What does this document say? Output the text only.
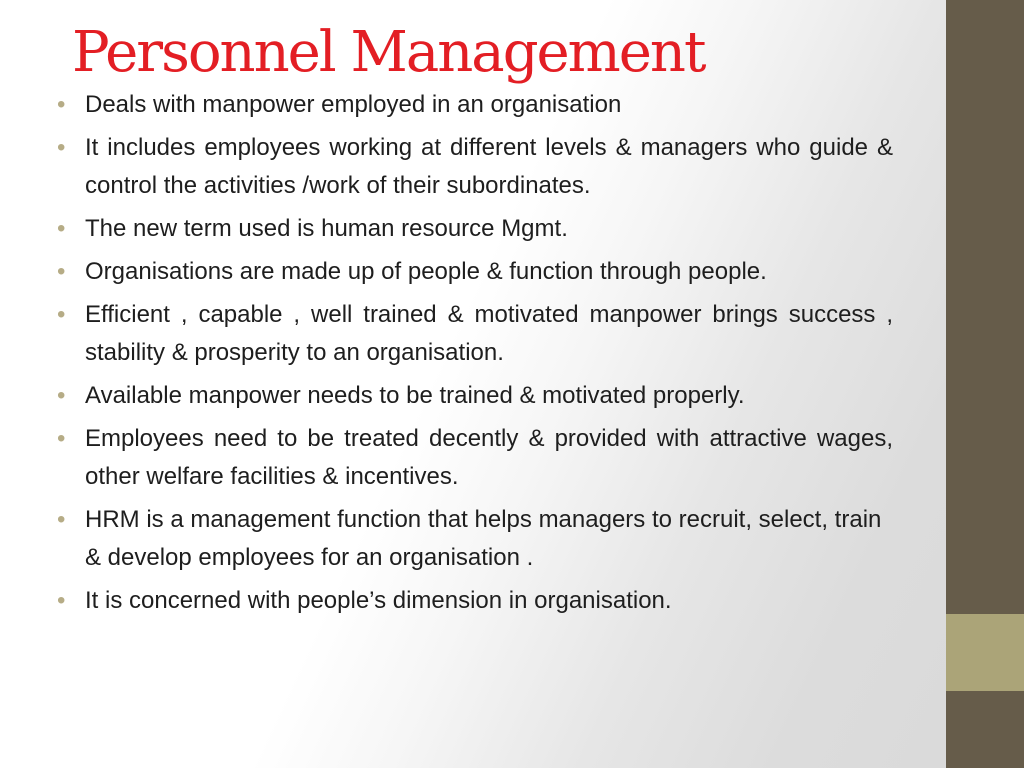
Personnel Management
• Deals with manpower employed in an organisation
• It includes employees working at different levels & managers who guide & control the activities /work of their subordinates.
• The new term used is human resource Mgmt.
• Organisations are made up of people & function through people.
• Efficient , capable , well trained & motivated manpower brings success , stability & prosperity to an organisation.
• Available manpower needs to be trained & motivated properly.
• Employees need to be treated decently & provided with attractive wages, other welfare facilities & incentives.
• HRM is a management function that helps managers to recruit, select, train & develop employees for an organisation .
• It is concerned with people’s dimension in organisation.
